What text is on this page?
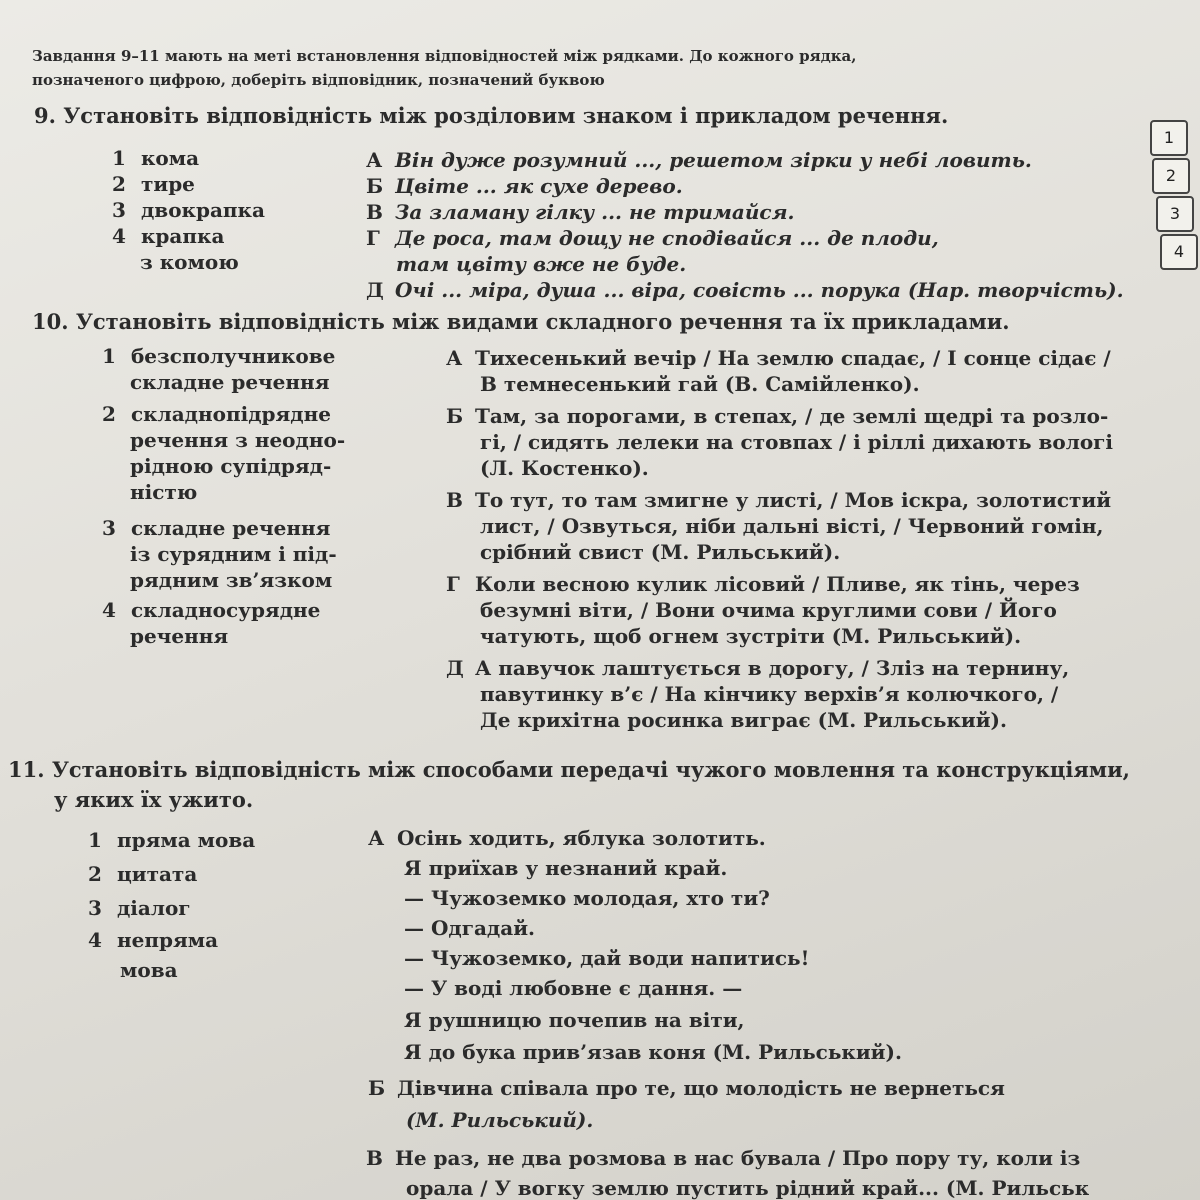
Завдання 9–11 мають на меті встановлення відповідностей між рядками. До кожного рядка,
позначеного цифрою, доберіть відповідник, позначений буквою
9. Установіть відповідність між розділовим знаком і прикладом речення.
1 кома
2 тире
3 двокрапка
4 крапка
з комою
А Він дуже розумний ..., решетом зірки у небі ловить.
Б Цвіте ... як сухе дерево.
В За зламану гілку ... не тримайся.
Г Де роса, там дощу не сподівайся ... де плоди,
там цвіту вже не буде.
Д Очі ... міра, душа ... віра, совість ... порука (Нар. творчість).
1
2
3
4
10. Установіть відповідність між видами складного речення та їх прикладами.
1 безсполучникове
складне речення
2 складнопідрядне
речення з неодно-
рідною супідряд-
ністю
3 складне речення
із сурядним і під-
рядним зв’язком
4 складносурядне
речення
А Тихесенький вечір / На землю спадає, / І сонце сідає /
В темнесенький гай (В. Самійленко).
Б Там, за порогами, в степах, / де землі щедрі та розло-
гі, / сидять лелеки на стовпах / і ріллі дихають вологі
(Л. Костенко).
В То тут, то там змигне у листі, / Мов іскра, золотистий
лист, / Озвуться, ніби дальні вісті, / Червоний гомін,
срібний свист (М. Рильський).
Г Коли весною кулик лісовий / Пливе, як тінь, через
безумні віти, / Вони очима круглими сови / Його
чатують, щоб огнем зустріти (М. Рильський).
Д А павучок лаштується в дорогу, / Зліз на тернину,
павутинку в’є / На кінчику верхів’я колючкого, /
Де крихітна росинка виграє (М. Рильський).
11. Установіть відповідність між способами передачі чужого мовлення та конструкціями,
у яких їх ужито.
1 пряма мова
2 цитата
3 діалог
4 непряма
мова
А Осінь ходить, яблука золотить.
Я приїхав у незнаний край.
— Чужоземко молодая, хто ти?
— Одгадай.
— Чужоземко, дай води напитись!
— У воді любовне є дання. —
Я рушницю почепив на віти,
Я до бука прив’язав коня (М. Рильський).
Б Дівчина співала про те, що молодість не вернеться
(М. Рильський).
В Не раз, не два розмова в нас бувала / Про пору ту, коли із
орала / У вогку землю пустить рідний край... (М. Рильськ
